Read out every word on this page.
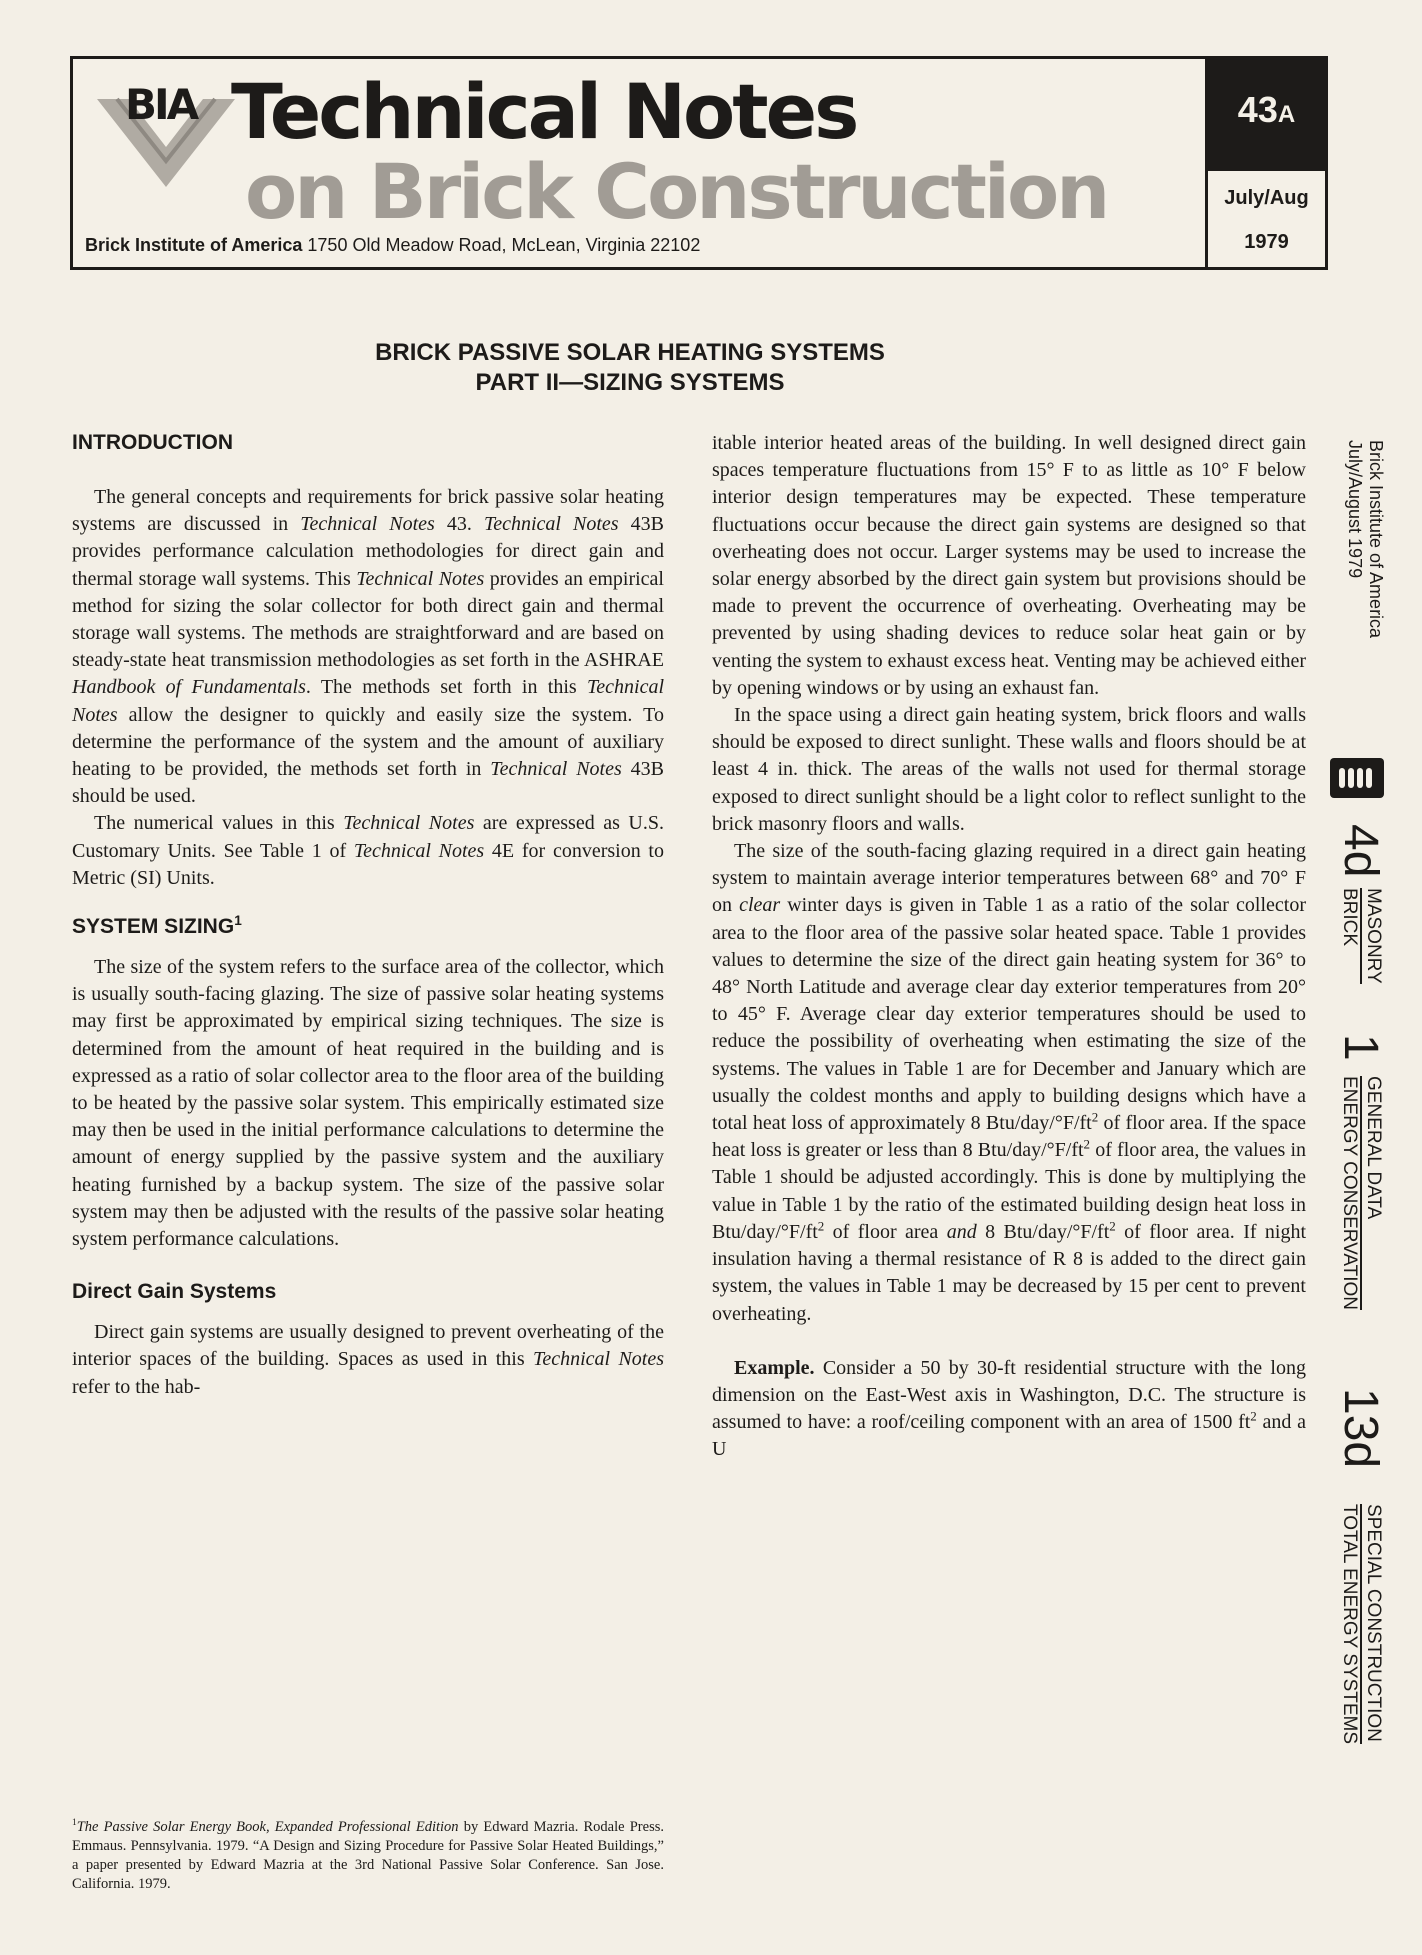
BIA Technical Notes
on Brick Construction
Brick Institute of America 1750 Old Meadow Road, McLean, Virginia 22102
43A
July/Aug
1979
BRICK PASSIVE SOLAR HEATING SYSTEMS
PART II—SIZING SYSTEMS
INTRODUCTION

The general concepts and requirements for brick passive solar heating systems are discussed in Technical Notes 43. Technical Notes 43B provides performance calculation methodologies for direct gain and thermal storage wall systems. This Technical Notes provides an empirical method for sizing the solar collector for both direct gain and thermal storage wall systems. The methods are straightforward and are based on steady-state heat transmission methodologies as set forth in the ASHRAE Handbook of Fundamentals. The methods set forth in this Technical Notes allow the designer to quickly and easily size the system. To determine the performance of the system and the amount of auxiliary heating to be provided, the methods set forth in Technical Notes 43B should be used.

The numerical values in this Technical Notes are expressed as U.S. Customary Units. See Table 1 of Technical Notes 4E for conversion to Metric (SI) Units.

SYSTEM SIZING$^1$

The size of the system refers to the surface area of the collector, which is usually south-facing glazing. The size of passive solar heating systems may first be approximated by empirical sizing techniques. The size is determined from the amount of heat required in the building and is expressed as a ratio of solar collector area to the floor area of the building to be heated by the passive solar system. This empirically estimated size may then be used in the initial performance calculations to determine the amount of energy supplied by the passive system and the auxiliary heating furnished by a backup system. The size of the passive solar system may then be adjusted with the results of the passive solar heating system performance calculations.

Direct Gain Systems

Direct gain systems are usually designed to prevent overheating of the interior spaces of the building. Spaces as used in this Technical Notes refer to the hab-

$^1$The Passive Solar Energy Book, Expanded Professional Edition by Edward Mazria. Rodale Press. Emmaus. Pennsylvania. 1979. “A Design and Sizing Procedure for Passive Solar Heated Buildings,” a paper presented by Edward Mazria at the 3rd National Passive Solar Conference. San Jose. California. 1979.

itable interior heated areas of the building. In well designed direct gain spaces temperature fluctuations from 15° F to as little as 10° F below interior design temperatures may be expected. These temperature fluctuations occur because the direct gain systems are designed so that overheating does not occur. Larger systems may be used to increase the solar energy absorbed by the direct gain system but provisions should be made to prevent the occurrence of overheating. Overheating may be prevented by using shading devices to reduce solar heat gain or by venting the system to exhaust excess heat. Venting may be achieved either by opening windows or by using an exhaust fan.

In the space using a direct gain heating system, brick floors and walls should be exposed to direct sunlight. These walls and floors should be at least 4 in. thick. The areas of the walls not used for thermal storage exposed to direct sunlight should be a light color to reflect sunlight to the brick masonry floors and walls.

The size of the south-facing glazing required in a direct gain heating system to maintain average interior temperatures between 68° and 70° F on clear winter days is given in Table 1 as a ratio of the solar collector area to the floor area of the passive solar heated space. Table 1 provides values to determine the size of the direct gain heating system for 36° to 48° North Latitude and average clear day exterior temperatures from 20° to 45° F. Average clear day exterior temperatures should be used to reduce the possibility of overheating when estimating the size of the systems. The values in Table 1 are for December and January which are usually the coldest months and apply to building designs which have a total heat loss of approximately 8 Btu/$day/^\circ F/ft^2$ of floor area. If the space heat loss is greater or less than 8 Btu/$day/^\circ F/ft^2$ of floor area, the values in Table 1 should be adjusted accordingly. This is done by multiplying the value in Table 1 by the ratio of the estimated building design heat loss in Btu/$day/^\circ F/ft^2$ of floor area and 8 Btu/$day/^\circ F/ft^2$ of floor area. If night insulation having a thermal resistance of R 8 is added to the direct gain system, the values in Table 1 may be decreased by 15 per cent to prevent overheating.

Example. Consider a 50 by 30-ft residential structure with the long dimension on the East-West axis in Washington, D.C. The structure is assumed to have: a roof/ceiling component with an area of 1500 $ft^2$ and a U

Brick Institute of America
July/August 1979
4d
MASONRY
BRICK
1
GENERAL DATA
ENERGY CONSERVATION
13d
SPECIAL CONSTRUCTION
TOTAL ENERGY SYSTEMS
